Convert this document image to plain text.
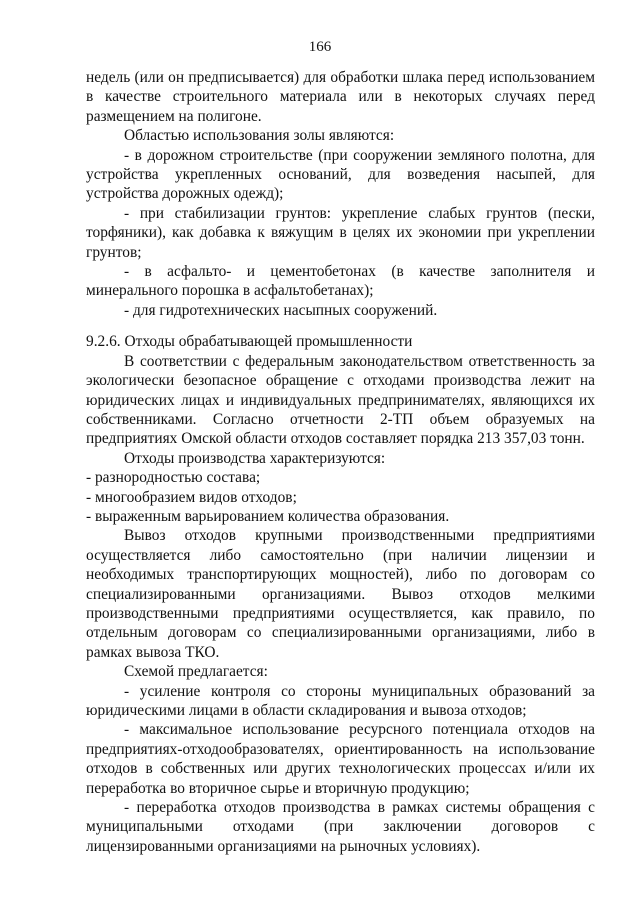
166

недель (или он предписывается) для обработки шлака перед использованием в качестве строительного материала или в некоторых случаях перед размещением на полигоне.

Областью использования золы являются:

- в дорожном строительстве (при сооружении земляного полотна, для устройства укрепленных оснований, для возведения насыпей, для устройства дорожных одежд);

- при стабилизации грунтов: укрепление слабых грунтов (пески, торфяники), как добавка к вяжущим в целях их экономии при укреплении грунтов;

- в асфальто- и цементобетонах (в качестве заполнителя и минерального порошка в асфальтобетанах);

- для гидротехнических насыпных сооружений.

9.2.6. Отходы обрабатывающей промышленности

В соответствии с федеральным законодательством ответственность за экологически безопасное обращение с отходами производства лежит на юридических лицах и индивидуальных предпринимателях, являющихся их собственниками. Согласно отчетности 2-ТП объем образуемых на предприятиях Омской области отходов составляет порядка 213 357,03 тонн.

Отходы производства характеризуются:

- разнородностью состава;

- многообразием видов отходов;

- выраженным варьированием количества образования.

Вывоз отходов крупными производственными предприятиями осуществляется либо самостоятельно (при наличии лицензии и необходимых транспортирующих мощностей), либо по договорам со специализированными организациями. Вывоз отходов мелкими производственными предприятиями осуществляется, как правило, по отдельным договорам со специализированными организациями, либо в рамках вывоза ТКО.

Схемой предлагается:

- усиление контроля со стороны муниципальных образований за юридическими лицами в области складирования и вывоза отходов;

- максимальное использование ресурсного потенциала отходов на предприятиях-отходообразователях, ориентированность на использование отходов в собственных или других технологических процессах и/или их переработка во вторичное сырье и вторичную продукцию;

- переработка отходов производства в рамках системы обращения с муниципальными отходами (при заключении договоров с лицензированными организациями на рыночных условиях).
